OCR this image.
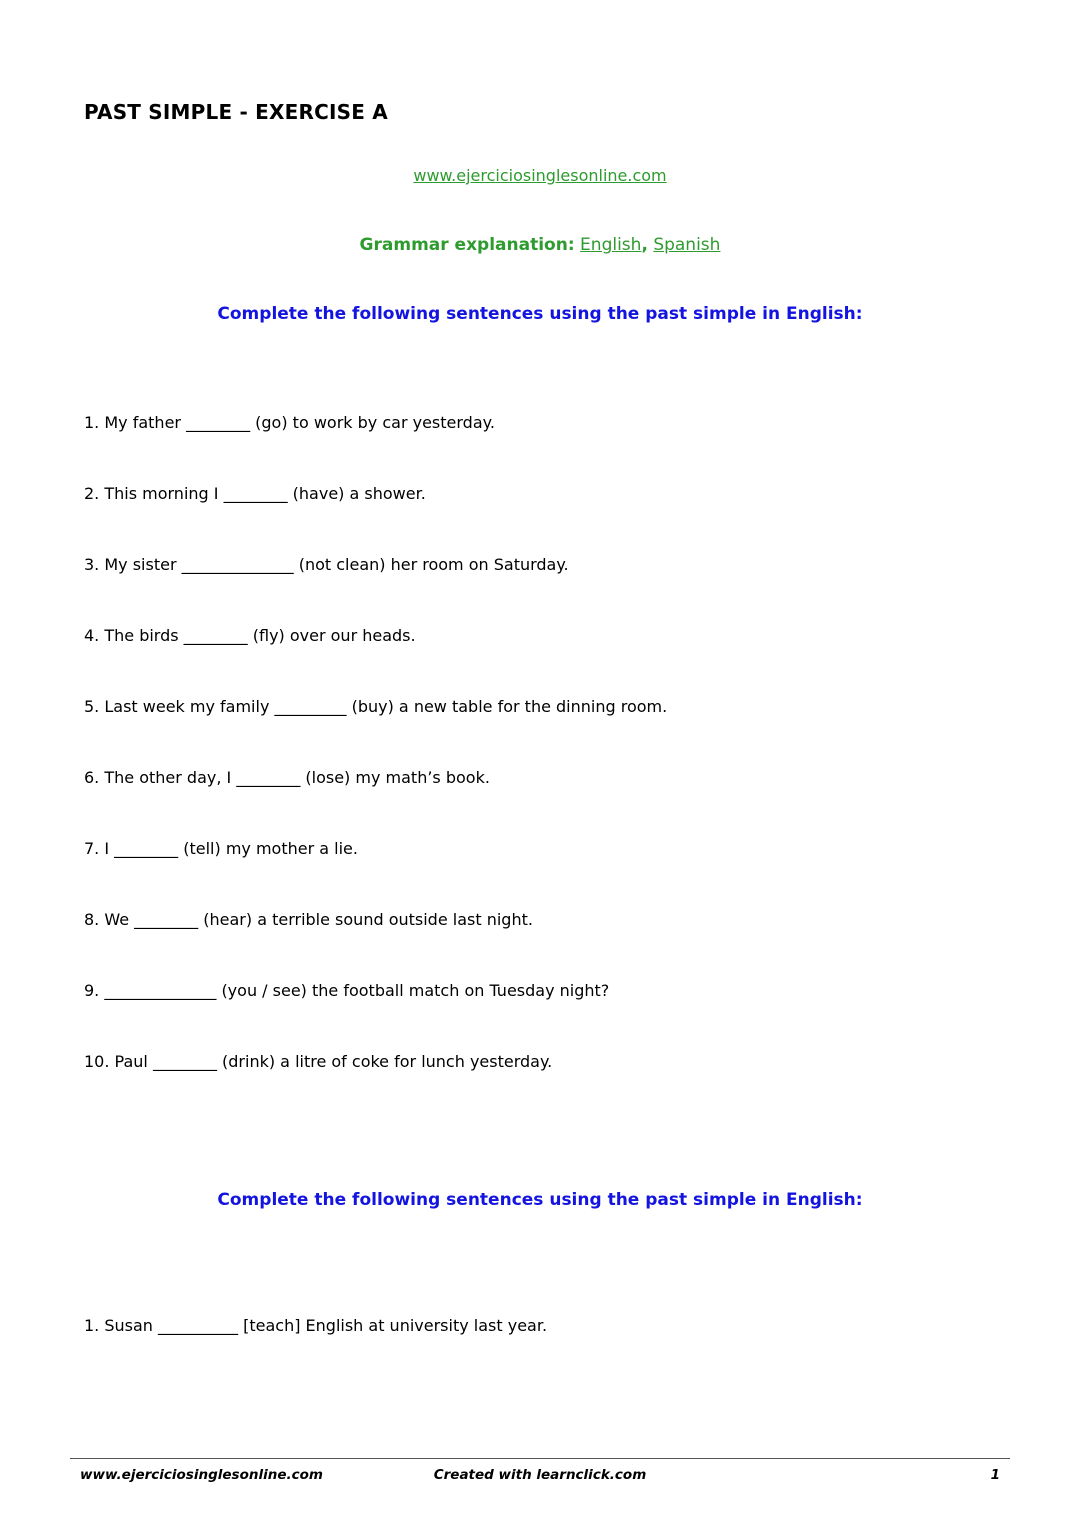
PAST SIMPLE - EXERCISE A

www.ejerciciosinglesonline.com

Grammar explanation: English, Spanish

Complete the following sentences using the past simple in English:

1. My father ________ (go) to work by car yesterday.

2. This morning I ________ (have) a shower.

3. My sister ______________ (not clean) her room on Saturday.

4. The birds ________ (fly) over our heads.

5. Last week my family _________ (buy) a new table for the dinning room.

6. The other day, I ________ (lose) my math’s book.

7. I ________ (tell) my mother a lie.

8. We ________ (hear) a terrible sound outside last night.

9. ______________ (you / see) the football match on Tuesday night?

10. Paul ________ (drink) a litre of coke for lunch yesterday.

Complete the following sentences using the past simple in English:

1. Susan __________ [teach] English at university last year.

www.ejerciciosinglesonline.com	Created with learnclick.com	1
